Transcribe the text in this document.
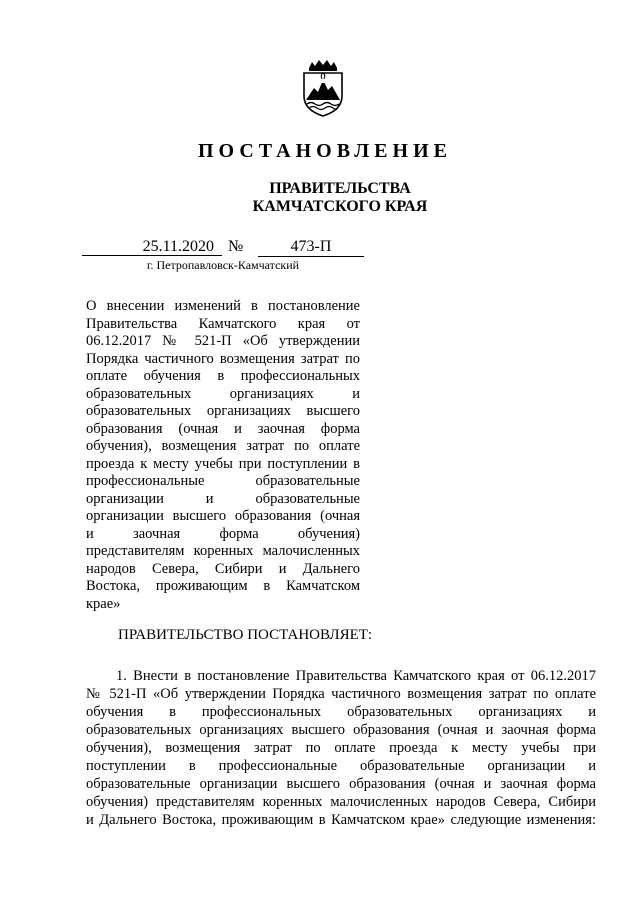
ПОСТАНОВЛЕНИЕ
ПРАВИТЕЛЬСТВА
КАМЧАТСКОГО КРАЯ
25.11.2020 №	473-П
г. Петропавловск-Камчатский
О внесении изменений в постановление
Правительства Камчатского края от
06.12.2017 № 521-П «Об утверждении
Порядка частичного возмещения затрат по
оплате обучения в профессиональных
образовательных организациях и
образовательных организациях высшего
образования (очная и заочная форма
обучения), возмещения затрат по оплате
проезда к месту учебы при поступлении в
профессиональные образовательные
организации и образовательные
организации высшего образования (очная
и заочная форма обучения)
представителям коренных малочисленных
народов Севера, Сибири и Дальнего
Востока, проживающим в Камчатском
крае»
ПРАВИТЕЛЬСТВО ПОСТАНОВЛЯЕТ:
1. Внести в постановление Правительства Камчатского края от 06.12.2017
№ 521-П «Об утверждении Порядка частичного возмещения затрат по оплате
обучения в профессиональных образовательных организациях и
образовательных организациях высшего образования (очная и заочная форма
обучения), возмещения затрат по оплате проезда к месту учебы при
поступлении в профессиональные образовательные организации и
образовательные организации высшего образования (очная и заочная форма
обучения) представителям коренных малочисленных народов Севера, Сибири
и Дальнего Востока, проживающим в Камчатском крае» следующие изменения:
